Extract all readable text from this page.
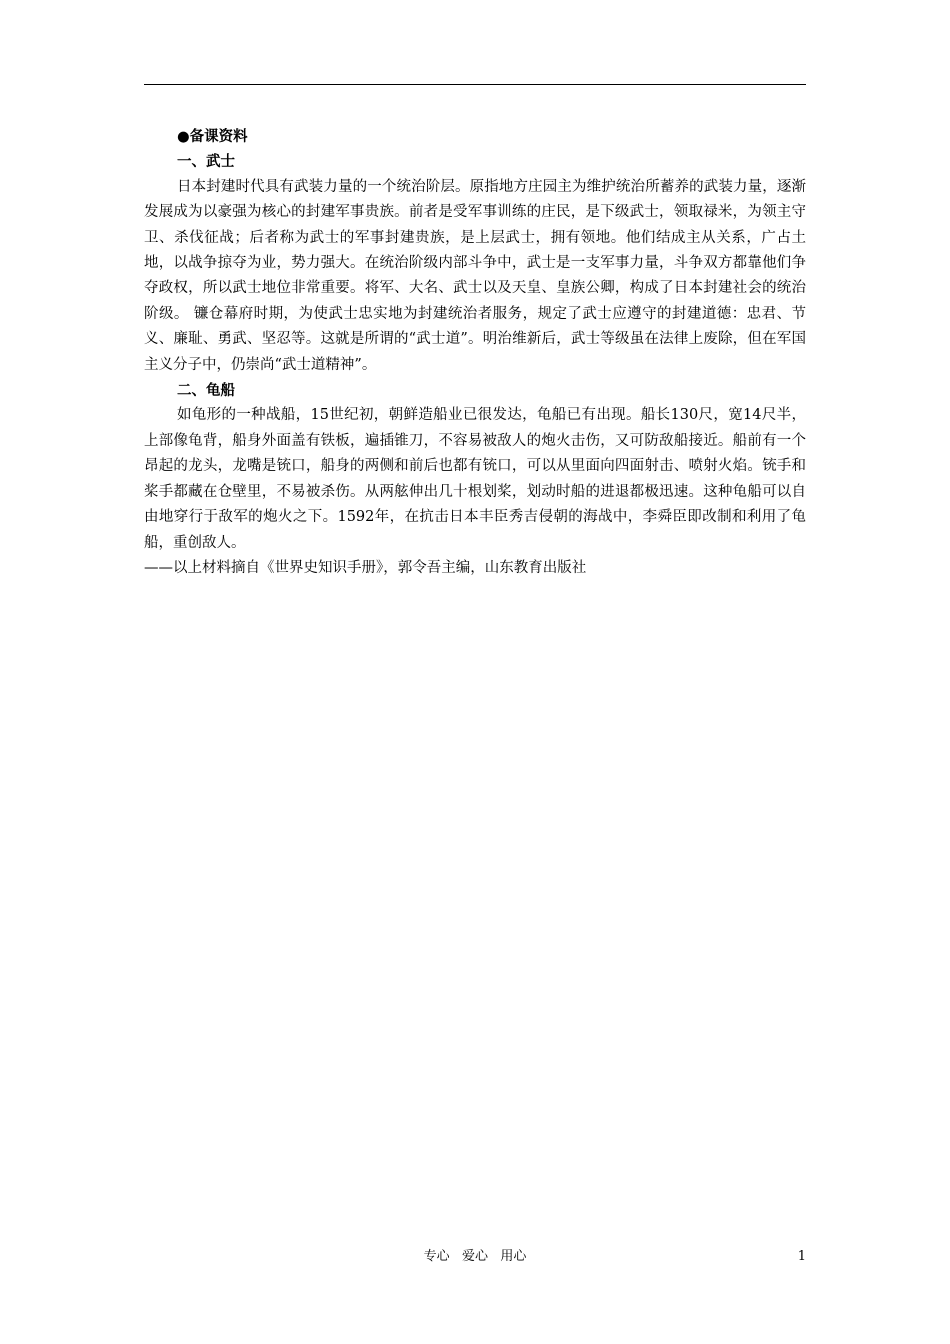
●备课资料
一、武士

日本封建时代具有武装力量的一个统治阶层。原指地方庄园主为维护统治所蓄养的武装力量，逐渐发展成为以豪强为核心的封建军事贵族。前者是受军事训练的庄民，是下级武士，领取禄米，为领主守卫、杀伐征战；后者称为武士的军事封建贵族，是上层武士，拥有领地。他们结成主从关系，广占土地，以战争掠夺为业，势力强大。在统治阶级内部斗争中，武士是一支军事力量，斗争双方都靠他们争夺政权，所以武士地位非常重要。将军、大名、武士以及天皇、皇族公卿，构成了日本封建社会的统治阶级。 镰仓幕府时期，为使武士忠实地为封建统治者服务，规定了武士应遵守的封建道德：忠君、节义、廉耻、勇武、坚忍等。这就是所谓的“武士道”。明治维新后，武士等级虽在法律上废除，但在军国主义分子中，仍崇尚“武士道精神”。

二、龟船

如龟形的一种战船，15世纪初，朝鲜造船业已很发达，龟船已有出现。船长130尺，宽14尺半，上部像龟背，船身外面盖有铁板，遍插锥刀，不容易被敌人的炮火击伤，又可防敌船接近。船前有一个昂起的龙头，龙嘴是铳口，船身的两侧和前后也都有铳口，可以从里面向四面射击、喷射火焰。铳手和桨手都藏在仓壁里，不易被杀伤。从两舷伸出几十根划桨，划动时船的进退都极迅速。这种龟船可以自由地穿行于敌军的炮火之下。1592年，在抗击日本丰臣秀吉侵朝的海战中，李舜臣即改制和利用了龟船，重创敌人。

——以上材料摘自《世界史知识手册》，郭令吾主编，山东教育出版社
专心   爱心   用心	1
